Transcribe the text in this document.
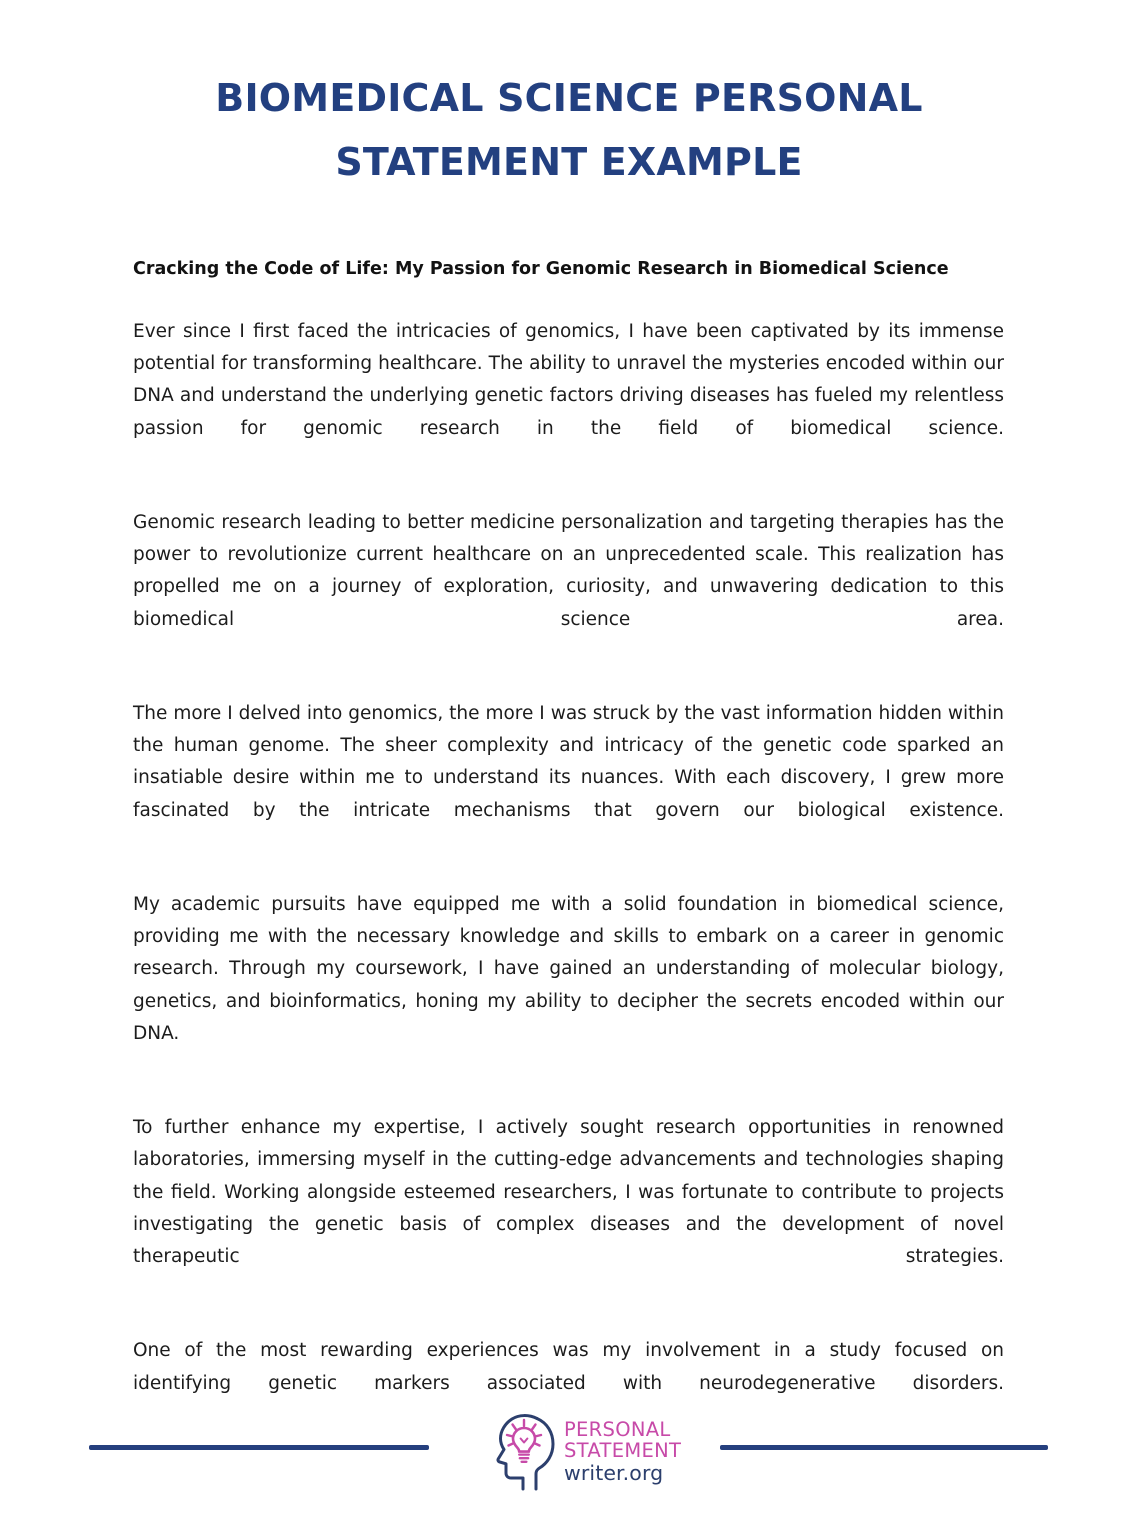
BIOMEDICAL SCIENCE PERSONAL
STATEMENT EXAMPLE

Cracking the Code of Life: My Passion for Genomic Research in Biomedical Science

Ever since I first faced the intricacies of genomics, I have been captivated by its immense potential for transforming healthcare. The ability to unravel the mysteries encoded within our DNA and understand the underlying genetic factors driving diseases has fueled my relentless passion for genomic research in the field of biomedical science.

Genomic research leading to better medicine personalization and targeting therapies has the power to revolutionize current healthcare on an unprecedented scale. This realization has propelled me on a journey of exploration, curiosity, and unwavering dedication to this biomedical science area.

The more I delved into genomics, the more I was struck by the vast information hidden within the human genome. The sheer complexity and intricacy of the genetic code sparked an insatiable desire within me to understand its nuances. With each discovery, I grew more fascinated by the intricate mechanisms that govern our biological existence.

My academic pursuits have equipped me with a solid foundation in biomedical science, providing me with the necessary knowledge and skills to embark on a career in genomic research. Through my coursework, I have gained an understanding of molecular biology, genetics, and bioinformatics, honing my ability to decipher the secrets encoded within our DNA.

To further enhance my expertise, I actively sought research opportunities in renowned laboratories, immersing myself in the cutting-edge advancements and technologies shaping the field. Working alongside esteemed researchers, I was fortunate to contribute to projects investigating the genetic basis of complex diseases and the development of novel therapeutic strategies.

One of the most rewarding experiences was my involvement in a study focused on identifying genetic markers associated with neurodegenerative disorders.

PERSONAL
STATEMENT
writer.org
